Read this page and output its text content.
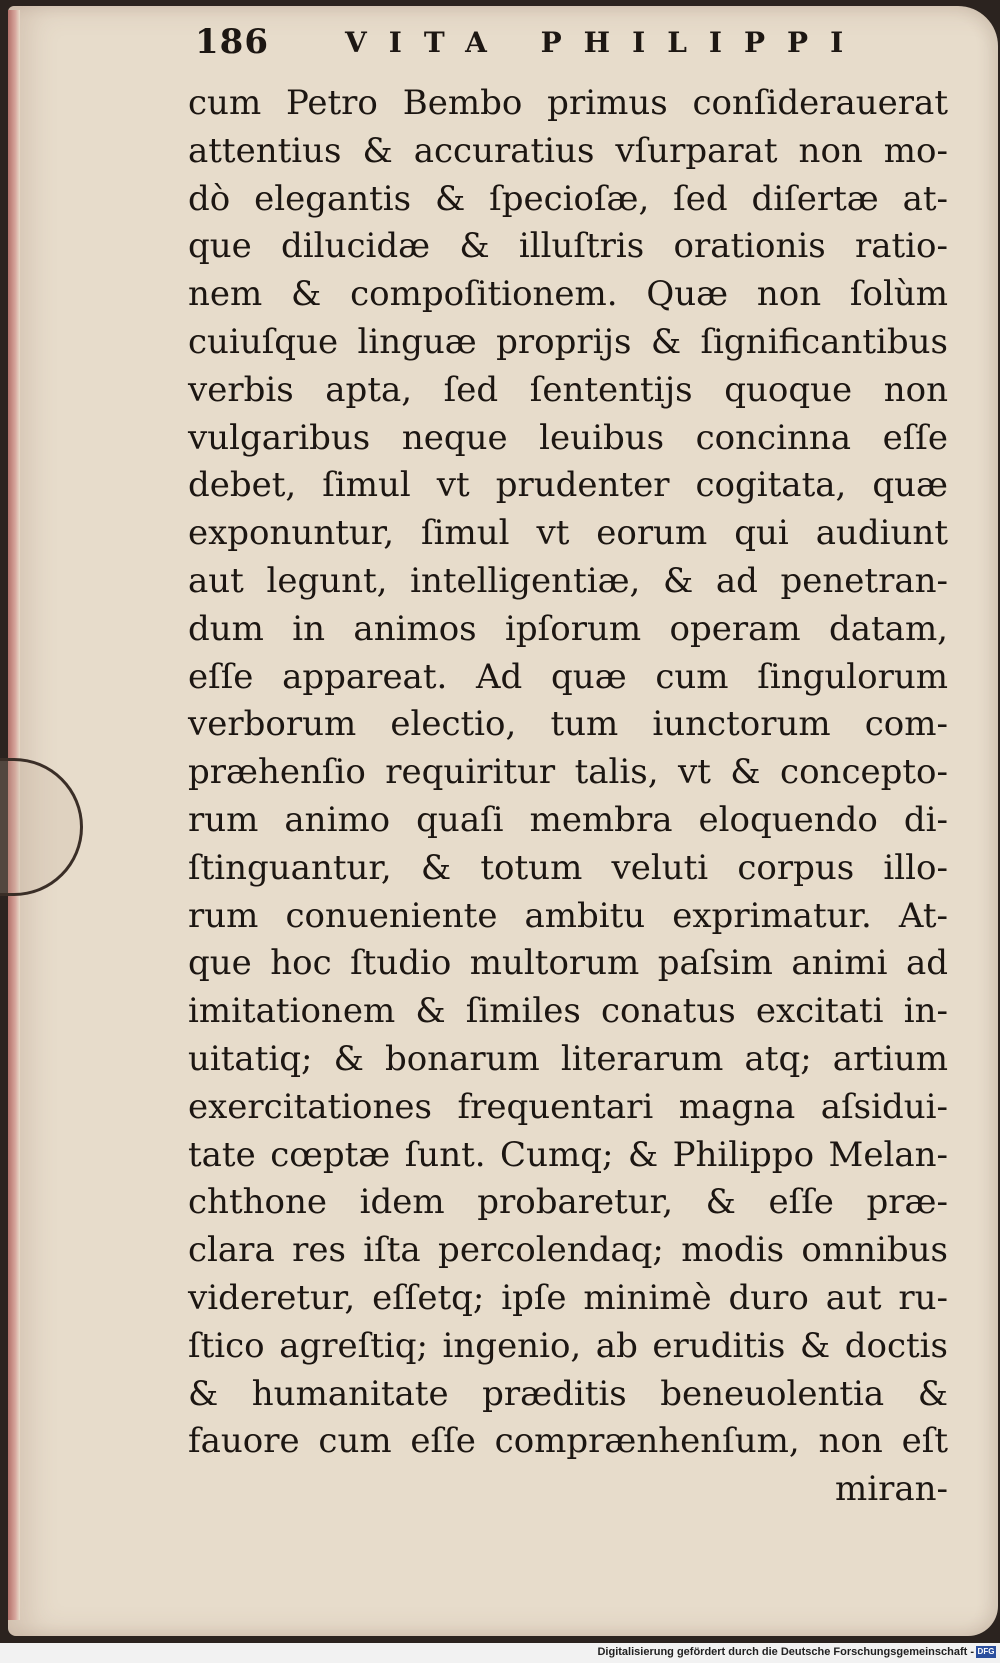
186	VITA PHILIPPI
cum Petro Bembo primus conſiderauerat
attentius & accuratius vſurparat non mo-
dò elegantis & ſpecioſæ, ſed diſertæ at-
que dilucidæ & illuſtris orationis ratio-
nem & compoſitionem. Quæ non ſolùm
cuiuſque linguæ proprijs & ſignificantibus
verbis apta, ſed ſententijs quoque non
vulgaribus neque leuibus concinna eſſe
debet, ſimul vt prudenter cogitata, quæ
exponuntur, ſimul vt eorum qui audiunt
aut legunt, intelligentiæ, & ad penetran-
dum in animos ipſorum operam datam,
eſſe appareat. Ad quæ cum ſingulorum
verborum electio, tum iunctorum com-
præhenſio requiritur talis, vt & concepto-
rum animo quaſi membra eloquendo di-
ſtinguantur, & totum veluti corpus illo-
rum conueniente ambitu exprimatur. At-
que hoc ſtudio multorum paſsim animi ad
imitationem & ſimiles conatus excitati in-
uitatiq; & bonarum literarum atq; artium
exercitationes frequentari magna aſsidui-
tate cœptæ ſunt. Cumq; & Philippo Melan-
chthone idem probaretur, & eſſe præ-
clara res iſta percolendaq; modis omnibus
videretur, eſſetq; ipſe minimè duro aut ru-
ſtico agreſtiq; ingenio, ab eruditis & doctis
& humanitate præditis beneuolentia &
fauore cum eſſe comprænhenſum, non eſt
miran-
Digitalisierung gefördert durch die Deutsche Forschungsgemeinschaft - DFG
